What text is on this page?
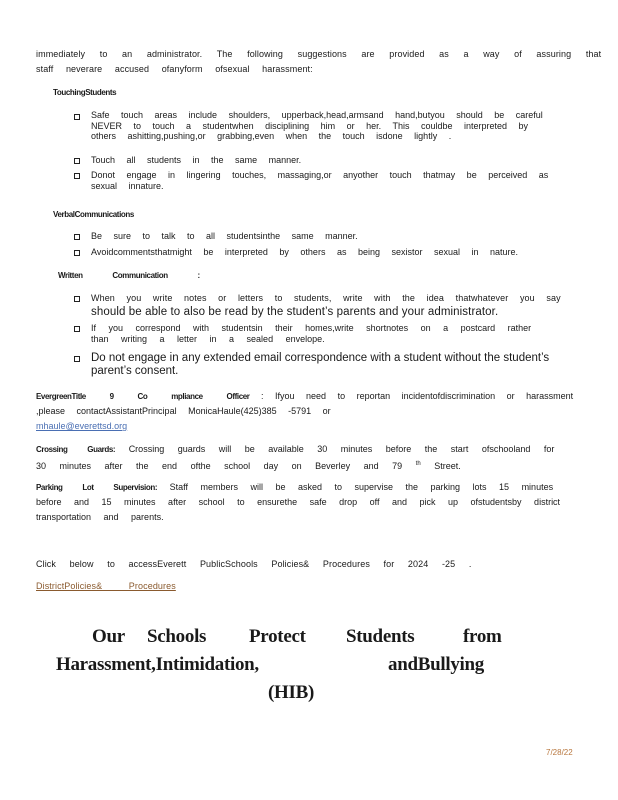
immediately to an administrator. The following suggestions are provided as a way of assuring that
staff neverare accused ofanyform ofsexual harassment:
TouchingStudents
Safe touch areas include shoulders, upperback,head,armsand hand,butyou should be careful NEVER to touch a studentwhen disciplining him or her. This couldbe interpreted by others ashitting,pushing,or grabbing,even when the touch isdone lightly .
Touch all students in the same manner.
Donot engage in lingering touches, massaging,or anyother touch thatmay be perceived as sexual innature.
VerbalCommunications
Be sure to talk to all studentsinthe same manner.
Avoidcommentsthatmight be interpreted by others as being sexistor sexual in nature.
Written Communication :
When you write notes or letters to students, write with the idea thatwhatever you say
should be able to also be read by the student’s parents and your administrator.
If you correspond with studentsin their homes,write shortnotes on a postcard rather than writing a letter in a sealed envelope.
Do not engage in any extended email correspondence with a student without the student’s parent’s consent.
EvergreenTitle 9 Co mpliance Officer : Ifyou need to reportan incidentofdiscrimination or harassment ,please contactAssistantPrincipal MonicaHaule(425)385 -5791 or
mhaule@everettsd.org
Crossing Guards: Crossing guards will be available 30 minutes before the start ofschooland for 30 minutes after the end ofthe school day on Beverley and 79 $^{th}$ Street.
Parking Lot Supervision: Staff members will be asked to supervise the parking lots 15 minutes before and 15 minutes after school to ensurethe safe drop off and pick up ofstudentsby district transportation and parents.
Click below to accessEverett PublicSchools Policies& Procedures for 2024 -25 .
DistrictPolicies& Procedures
Our Schools Protect Students	from
Harassment,Intimidation,	andBullying
(HIB)
7/28/22
